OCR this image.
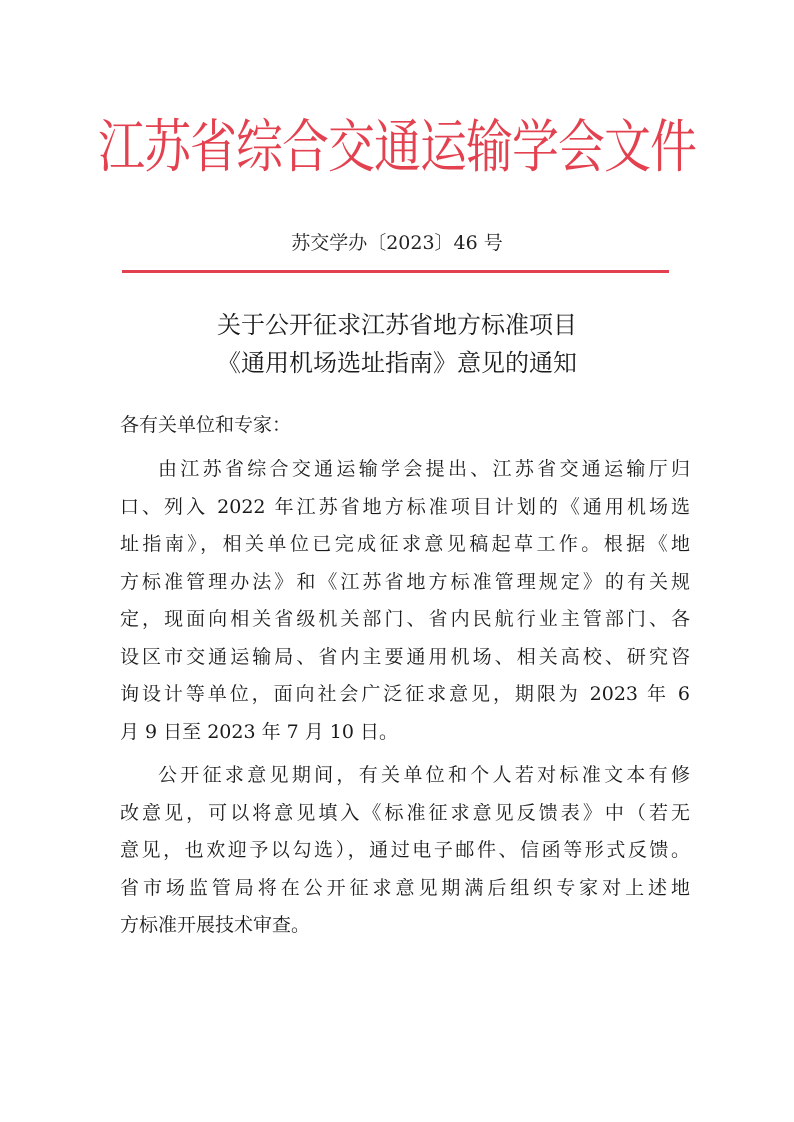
江苏省综合交通运输学会文件
苏交学办〔2023〕46 号
关于公开征求江苏省地方标准项目
《通用机场选址指南》意见的通知
各有关单位和专家：
由江苏省综合交通运输学会提出、江苏省交通运输厅归
口、列入 2022 年江苏省地方标准项目计划的《通用机场选
址指南》，相关单位已完成征求意见稿起草工作。根据《地
方标准管理办法》和《江苏省地方标准管理规定》的有关规
定，现面向相关省级机关部门、省内民航行业主管部门、各
设区市交通运输局、省内主要通用机场、相关高校、研究咨
询设计等单位，面向社会广泛征求意见，期限为 2023 年 6
月 9 日至 2023 年 7 月 10 日。
公开征求意见期间，有关单位和个人若对标准文本有修
改意见，可以将意见填入《标准征求意见反馈表》中（若无
意见，也欢迎予以勾选），通过电子邮件、信函等形式反馈。
省市场监管局将在公开征求意见期满后组织专家对上述地
方标准开展技术审查。
